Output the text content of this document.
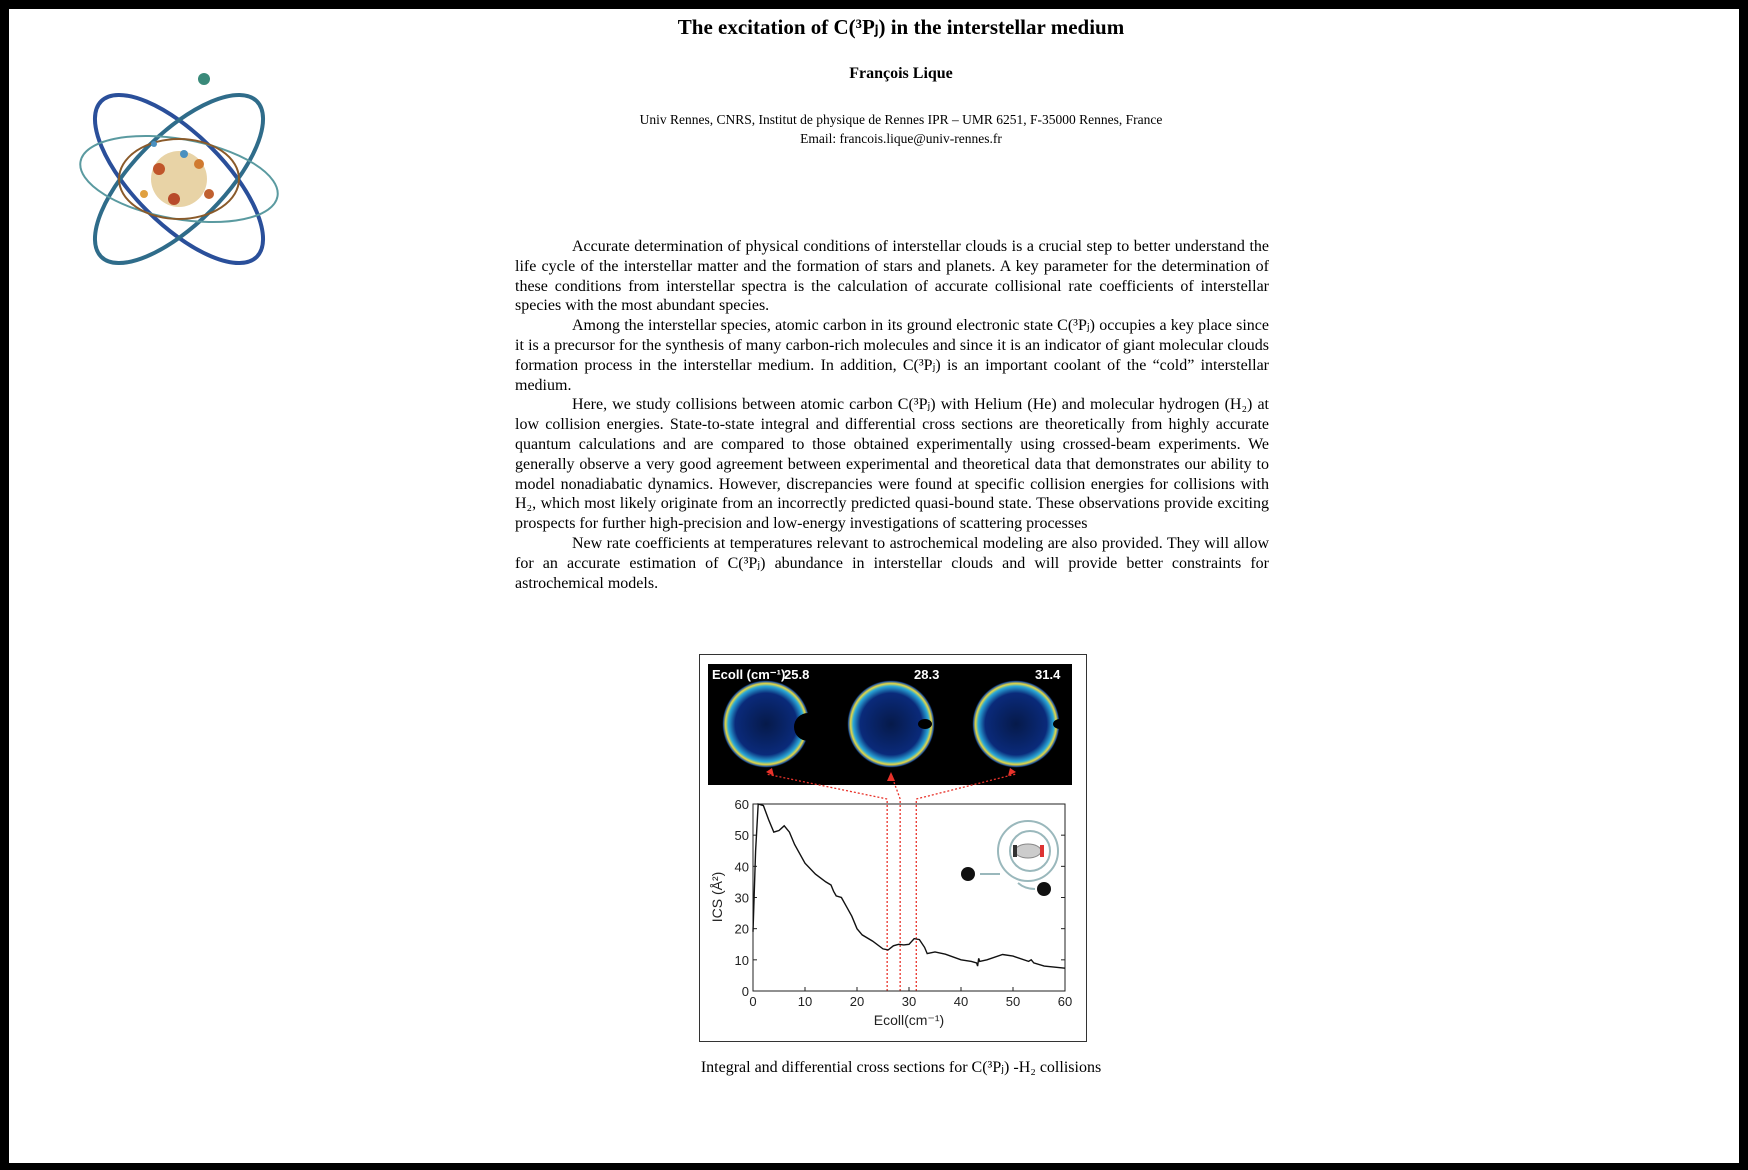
The excitation of C(³Pⱼ) in the interstellar medium
François Lique
Univ Rennes, CNRS, Institut de physique de Rennes IPR – UMR 6251, F-35000 Rennes, France
Email: francois.lique@univ-rennes.fr

Accurate determination of physical conditions of interstellar clouds is a crucial step to better understand the life cycle of the interstellar matter and the formation of stars and planets. A key parameter for the determination of these conditions from interstellar spectra is the calculation of accurate collisional rate coefficients of interstellar species with the most abundant species.

Among the interstellar species, atomic carbon in its ground electronic state C(³Pⱼ) occupies a key place since it is a precursor for the synthesis of many carbon-rich molecules and since it is an indicator of giant molecular clouds formation process in the interstellar medium. In addition, C(³Pⱼ) is an important coolant of the “cold” interstellar medium.

Here, we study collisions between atomic carbon C(³Pⱼ) with Helium (He) and molecular hydrogen (H₂) at low collision energies. State-to-state integral and differential cross sections are theoretically from highly accurate quantum calculations and are compared to those obtained experimentally using crossed-beam experiments. We generally observe a very good agreement between experimental and theoretical data that demonstrates our ability to model nonadiabatic dynamics. However, discrepancies were found at specific collision energies for collisions with H₂, which most likely originate from an incorrectly predicted quasi-bound state. These observations provide exciting prospects for further high-precision and low-energy investigations of scattering processes

New rate coefficients at temperatures relevant to astrochemical modeling are also provided. They will allow for an accurate estimation of C(³Pⱼ) abundance in interstellar clouds and will provide better constraints for astrochemical models.

Ecoll (cm⁻¹)
25.8	28.3	31.4
0	10	20	30	40	50	60
0
10
20
30
40
50
60
Ecoll(cm⁻¹)
ICS (Å²)
Integral and differential cross sections for C(³Pⱼ) -H₂ collisions
